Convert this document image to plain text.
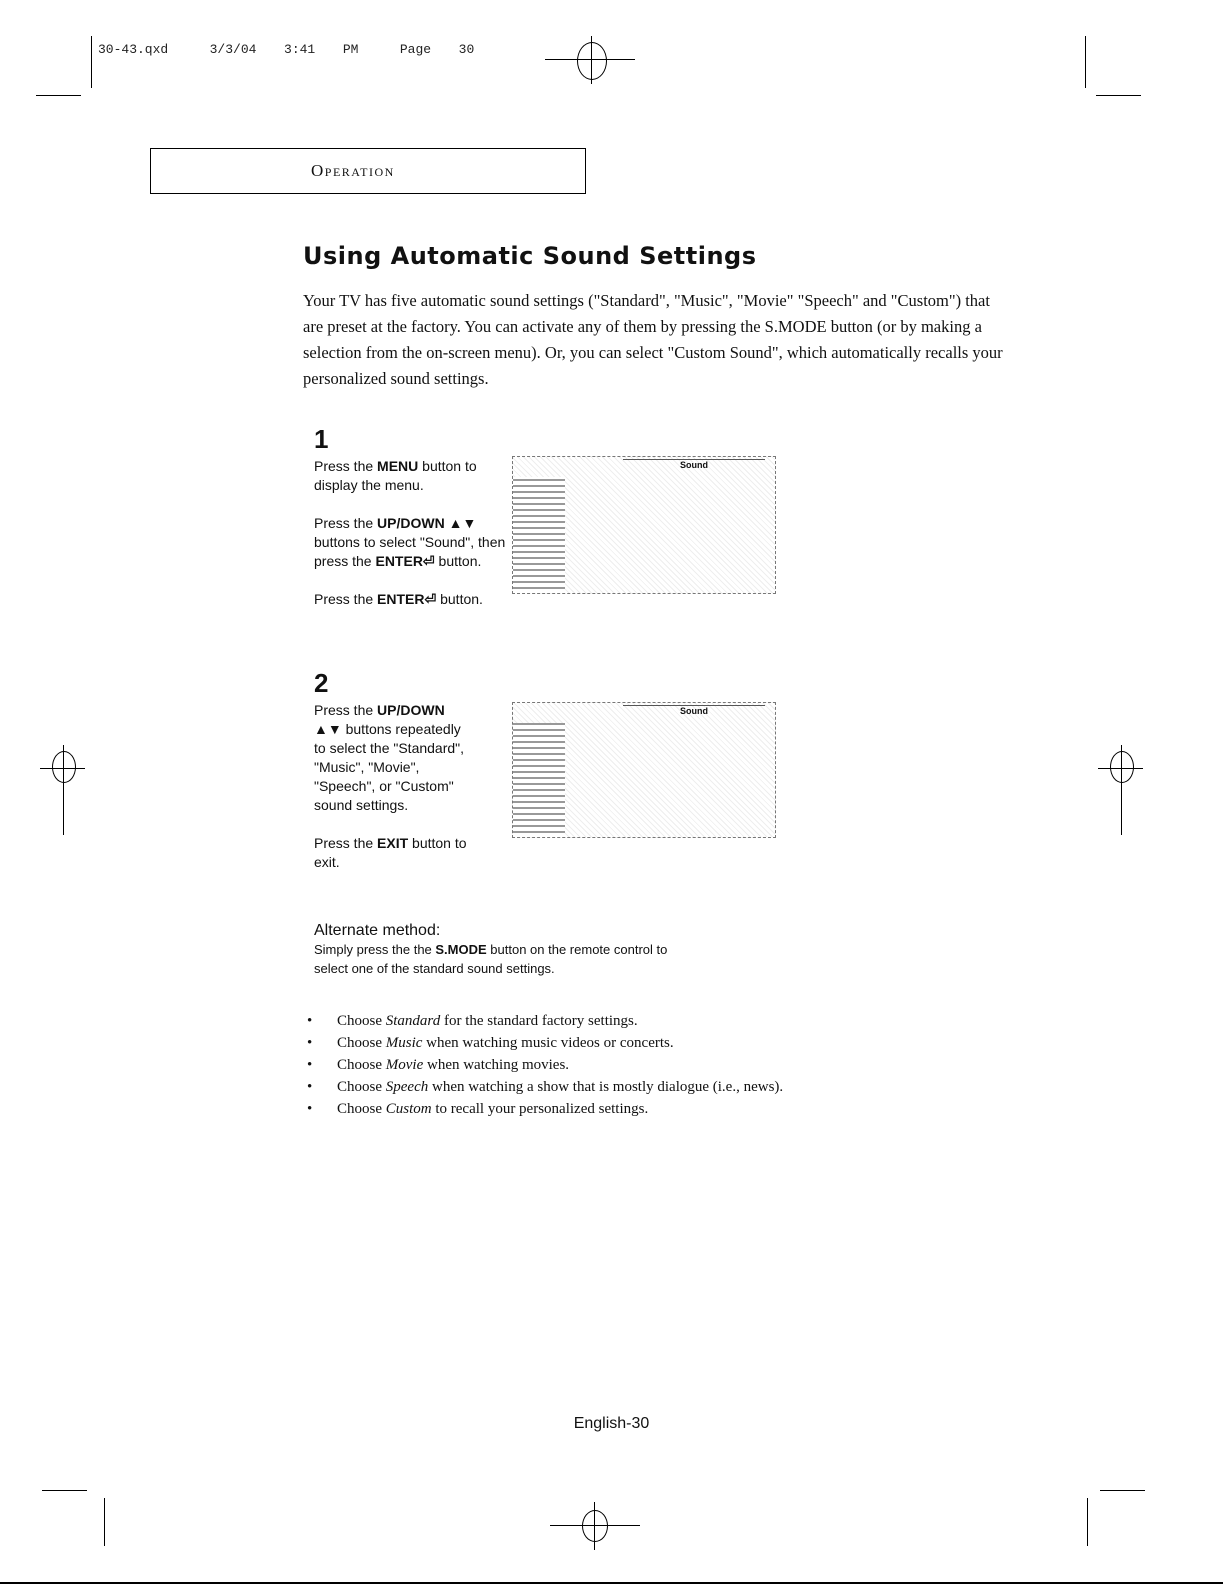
30-43.qxd   3/3/04  3:41  PM   Page  30
Operation
Using Automatic Sound Settings
Your TV has five automatic sound settings ("Standard", "Music", "Movie" "Speech" and "Custom") that are preset at the factory. You can activate any of them by pressing the S.MODE button (or by making a selection from the on-screen menu). Or, you can select "Custom Sound", which automatically recalls your personalized sound settings.
1

Press the MENU button to display the menu.

Press the UP/DOWN ▲▼ buttons to select "Sound", then press the ENTER⏎ button.

Press the ENTER⏎ button.

Sound
2

Press the UP/DOWN ▲▼ buttons repeatedly to select the "Standard", "Music", "Movie", "Speech", or "Custom" sound settings.

Press the EXIT button to exit.

Sound
Alternate method:
Simply press the the S.MODE button on the remote control to select one of the standard sound settings.
• Choose Standard for the standard factory settings.
• Choose Music when watching music videos or concerts.
• Choose Movie when watching movies.
• Choose Speech when watching a show that is mostly dialogue (i.e., news).
• Choose Custom to recall your personalized settings.
English-30
